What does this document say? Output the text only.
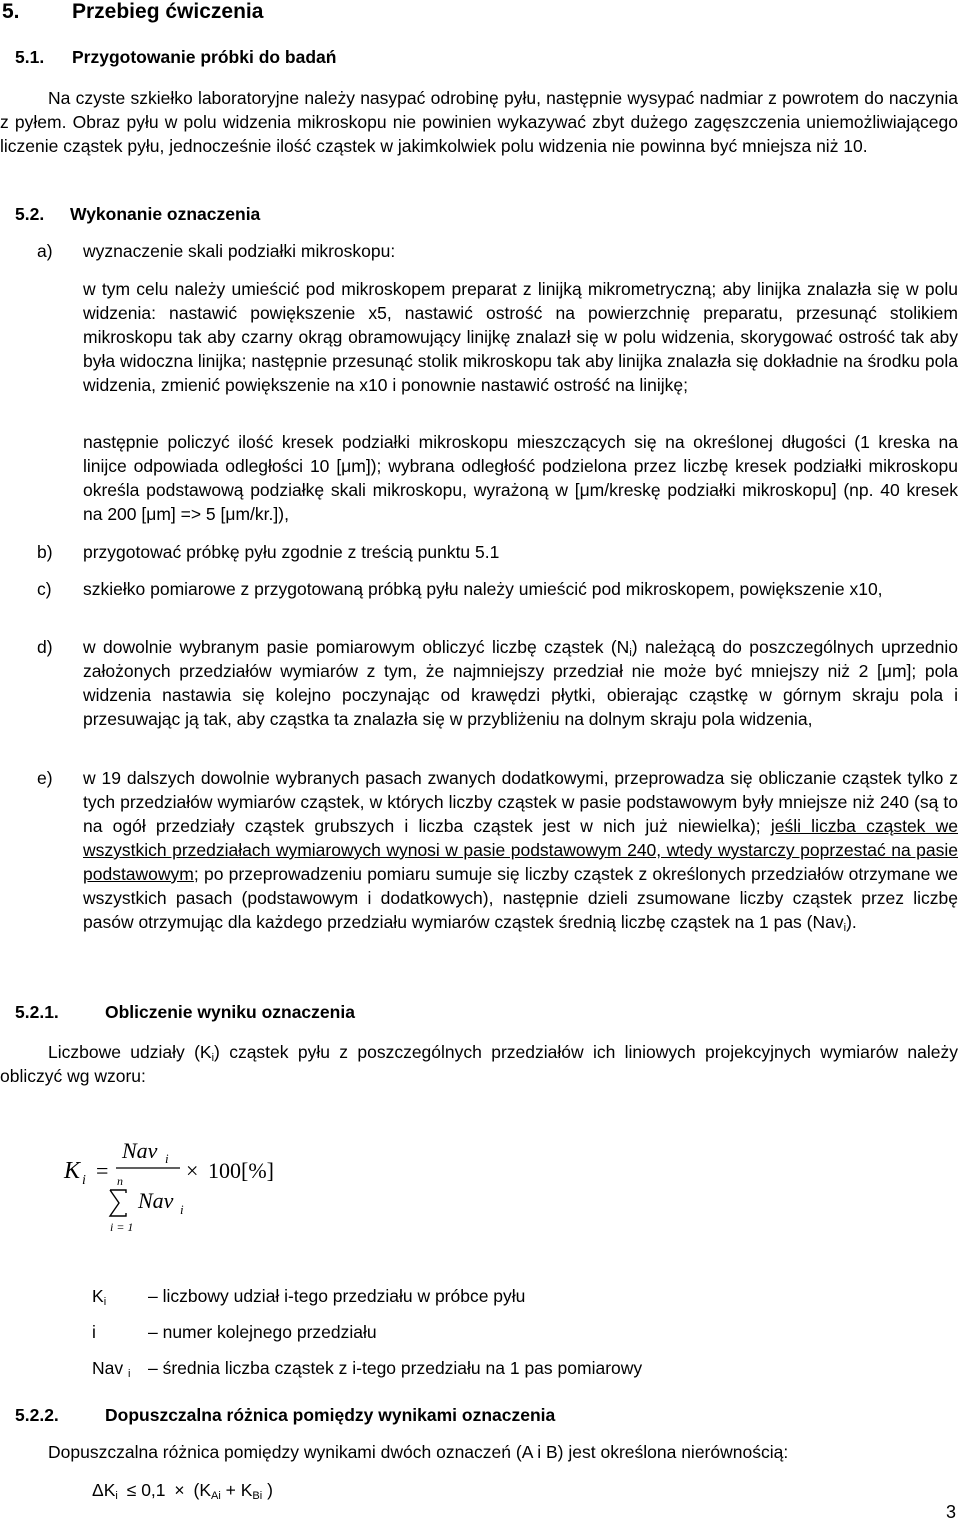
5. Przebieg ćwiczenia
5.1. Przygotowanie próbki do badań

Na czyste szkiełko laboratoryjne należy nasypać odrobinę pyłu, następnie wysypać nadmiar z powrotem do naczynia z pyłem. Obraz pyłu w polu widzenia mikroskopu nie powinien wykazywać zbyt dużego zagęszczenia uniemożliwiającego liczenie cząstek pyłu, jednocześnie ilość cząstek w jakimkolwiek polu widzenia nie powinna być mniejsza niż 10.

5.2. Wykonanie oznaczenia
a) wyznaczenie skali podziałki mikroskopu:

w tym celu należy umieścić pod mikroskopem preparat z linijką mikrometryczną; aby linijka znalazła się w polu widzenia: nastawić powiększenie x5, nastawić ostrość na powierzchnię preparatu, przesunąć stolikiem mikroskopu tak aby czarny okrąg obramowujący linijkę znalazł się w polu widzenia, skorygować ostrość tak aby była widoczna linijka; następnie przesunąć stolik mikroskopu tak aby linijka znalazła się dokładnie na środku pola widzenia, zmienić powiększenie na x10 i ponownie nastawić ostrość na linijkę;

następnie policzyć ilość kresek podziałki mikroskopu mieszczących się na określonej długości (1 kreska na linijce odpowiada odległości 10 [μm]); wybrana odległość podzielona przez liczbę kresek podziałki mikroskopu określa podstawową podziałkę skali mikroskopu, wyrażoną w [μm/kreskę podziałki mikroskopu] (np. 40 kresek na 200 [μm] => 5 [μm/kr.]),

b) przygotować próbkę pyłu zgodnie z treścią punktu 5.1

c) szkiełko pomiarowe z przygotowaną próbką pyłu należy umieścić pod mikroskopem, powiększenie x10,

d) w dowolnie wybranym pasie pomiarowym obliczyć liczbę cząstek $(N_i)$ należącą do poszczególnych uprzednio założonych przedziałów wymiarów z tym, że najmniejszy przedział nie może być mniejszy niż 2 [μm]; pola widzenia nastawia się kolejno poczynając od krawędzi płytki, obierając cząstkę w górnym skraju pola i przesuwając ją tak, aby cząstka ta znalazła się w przybliżeniu na dolnym skraju pola widzenia,

e) w 19 dalszych dowolnie wybranych pasach zwanych dodatkowymi, przeprowadza się obliczanie cząstek tylko z tych przedziałów wymiarów cząstek, w których liczby cząstek w pasie podstawowym były mniejsze niż 240 (są to na ogół przedziały cząstek grubszych i liczba cząstek jest w nich już niewielka); jeśli liczba cząstek we wszystkich przedziałach wymiarowych wynosi w pasie podstawowym 240, wtedy wystarczy poprzestać na pasie podstawowym; po przeprowadzeniu pomiaru sumuje się liczby cząstek z określonych przedziałów otrzymane we wszystkich pasach (podstawowym i dodatkowych), następnie dzieli zsumowane liczby cząstek przez liczbę pasów otrzymując dla każdego przedziału wymiarów cząstek średnią liczbę cząstek na 1 pas (Nav$_i$).

5.2.1.	Obliczenie wyniku oznaczenia

Liczbowe udziały $(K_i)$ cząstek pyłu z poszczególnych przedziałów ich liniowych projekcyjnych wymiarów należy obliczyć wg wzoru:

K i =
Nav i
n
Nav i
i = 1
× 100[%]
$K_i$ – liczbowy udział i-tego przedziału w próbce pyłu
i	– numer kolejnego przedziału
Nav $_i$ – średnia liczba cząstek z i-tego przedziału na 1 pas pomiarowy
5.2.2.	Dopuszczalna różnica pomiędzy wynikami oznaczenia

Dopuszczalna różnica pomiędzy wynikami dwóch oznaczeń (A i B) jest określona nierównością:

$\Delta K_i \le 0,1 \times (K_{Ai} + K_{Bi}$ )
3
